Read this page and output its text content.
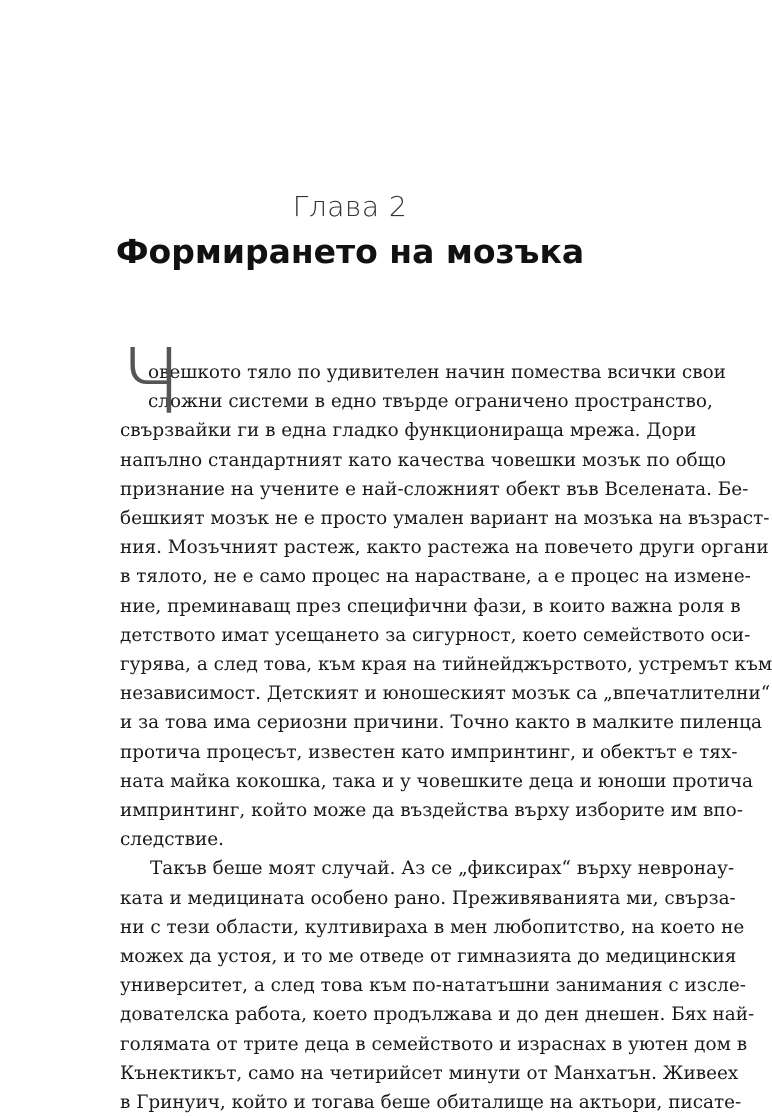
Глава 2
Формирането на мозъка
Ч
овешкото тяло по удивителен начин помества всички свои
сложни системи в едно твърде ограничено пространство,
свързвайки ги в една гладко функционираща мрежа. Дори
напълно стандартният като качества човешки мозък по общо
признание на учените е най-сложният обект във Вселената. Бе-
бешкият мозък не е просто умален вариант на мозъка на възраст-
ния. Мозъчният растеж, както растежа на повечето други органи
в тялото, не е само процес на нарастване, а е процес на измене-
ние, преминаващ през специфични фази, в които важна роля в
детството имат усещането за сигурност, което семейството оси-
гурява, а след това, към края на тийнейджърството, устремът към
независимост. Детският и юношеският мозък са „впечатлителни“
и за това има сериозни причини. Точно както в малките пиленца
протича процесът, известен като импринтинг, и обектът е тях-
ната майка кокошка, така и у човешките деца и юноши протича
импринтинг, който може да въздейства върху изборите им впо-
следствие.
Такъв беше моят случай. Аз се „фиксирах“ върху невронау-
ката и медицината особено рано. Преживяванията ми, свързa-
ни с тези области, култивираха в мен любопитство, на което не
можех да устоя, и то ме отведе от гимназията до медицинския
университет, а след това към по-нататъшни занимания с изсле-
дователска работа, което продължава и до ден днешен. Бях най-
голямата от трите деца в семейството и израснах в уютен дом в
Кънектикът, само на четирийсет минути от Манхатън. Живеех
в Гринуич, който и тогава беше обиталище на актьори, писате-
